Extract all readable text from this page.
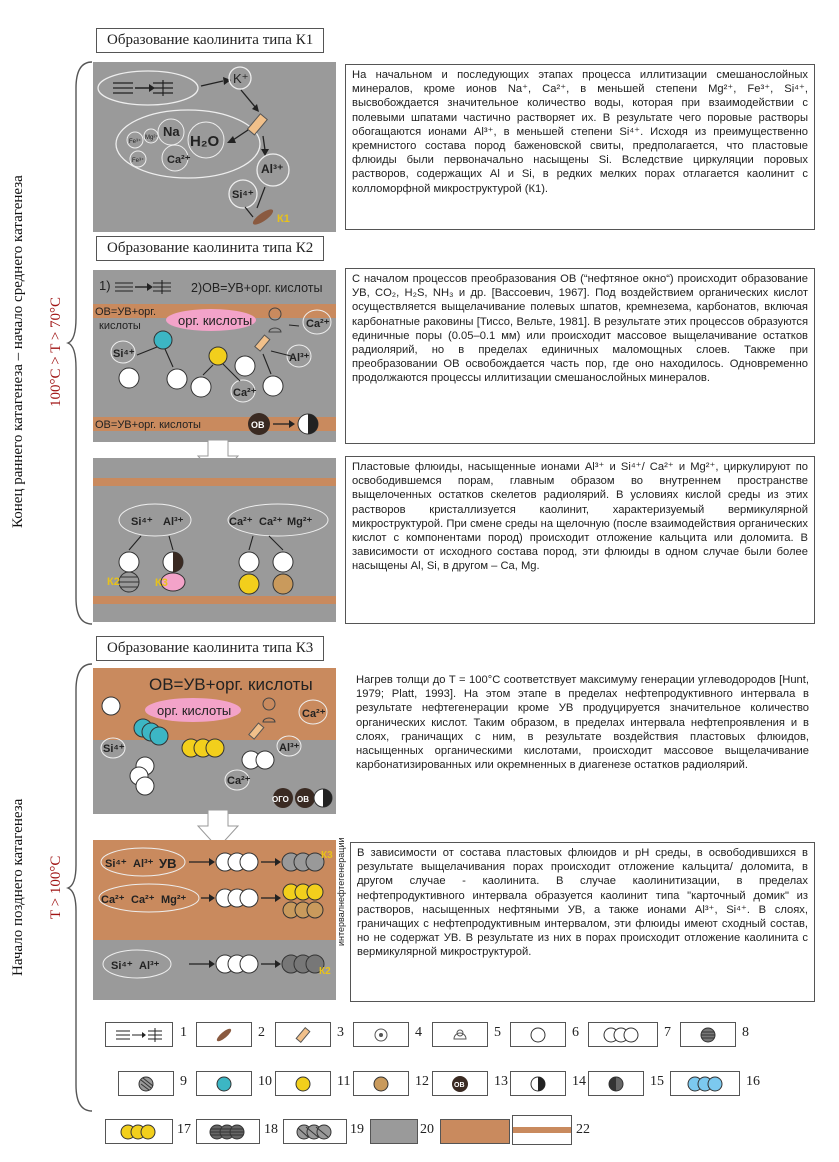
Конец раннего катагенеза – начало среднего катагенеза 100°C > T > 70°C
Начало позднего катагенеза T > 100°C
Образование каолинита типа К1
K⁺
Na
H₂O
Ca²⁺
Fe³⁺
Mg²⁺
Fe³⁺
Al³⁺
Si⁴⁺
К1
На начальном и последующих этапах процесса иллитизации смешанослойных минералов, кроме ионов Na⁺, Ca²⁺, в меньшей степени Mg²⁺, Fe³⁺, Si⁴⁺, высвобождается значительное количество воды, которая при взаимодействии с полевыми шпатами частично растворяет их. В результате чего поровые растворы обогащаются ионами Al³⁺, в меньшей степени Si⁴⁺. Исходя из преимущественно кремнистого состава пород баженовской свиты, предполагается, что пластовые флюиды были первоначально насыщены Si. Вследствие циркуляции поровых растворов, содержащих Al и Si, в редких мелких порах отлагается каолинит с колломорфной микроструктурой (К1).
Образование каолинита типа К2
1)	2)ОВ=УВ+орг. кислоты
ОВ=УВ+орг.
кислоты	орг. кислоты	Ca²⁺
Si⁴⁺	Al³⁺
Ca²⁺
ОВ=УВ+орг. кислоты	ОВ
Si⁴⁺ Al³⁺	Ca²⁺ Ca²⁺ Mg²⁺
К2	К3
С началом процессов преобразования ОВ (“нефтяное окно“) происходит образование УВ, CO₂, H₂S, NH₃ и др. [Вассоевич, 1967]. Под воздействием органических кислот осуществляется выщелачивание полевых шпатов, кремнезема, карбонатов, включая карбонатные раковины [Тиссо, Вельте, 1981]. В результате этих процессов образуются единичные поры (0.05–0.1 мм) или происходит массовое выщелачивание остатков радиолярий, но в пределах единичных маломощных слоев. Также при преобразовании ОВ освобождается часть пор, где оно находилось. Одновременно продолжаются процессы иллитизации смешанослойных минералов.
Пластовые флюиды, насыщенные ионами Al³⁺ и Si⁴⁺/ Ca²⁺ и Mg²⁺, циркулируют по освободившемся порам, главным образом во внутреннем пространстве выщелоченных остатков скелетов радиолярий. В условиях кислой среды из этих растворов кристаллизуется каолинит, характеризуемый вермикулярной микроструктурой. При смене среды на щелочную (после взаимодействия органических кислот с компонентами пород) происходит отложение кальцита или доломита. В зависимости от исходного состава пород, эти флюиды в одном случае были более насыщены Al, Si, в другом – Ca, Mg.
Образование каолинита типа К3
ОВ=УВ+орг. кислоты
орг. кислоты	Ca²⁺
Si⁴⁺	Al³⁺
Ca²⁺
ОГО ОВ
Si⁴⁺ Al³⁺ УВ
К3
Ca²⁺ Ca²⁺ Mg²⁺
Si⁴⁺ Al³⁺	К2
интервал
нефтегенерации
Нагрев толщи до T = 100°C соответствует максимуму генерации углеводородов [Hunt, 1979; Platt, 1993]. На этом этапе в пределах нефтепродуктивного интервала в результате нефтегенерации кроме УВ продуцируется значительное количество органических кислот. Таким образом, в пределах интервала нефтепроявления и в слоях, граничащих с ним, в результате воздействия пластовых флюидов, насыщенных органическими кислотами, происходит массовое выщелачивание карбонатизированных или окремненных в диагенезе остатков радиолярий.
В зависимости от состава пластовых флюидов и рН среды, в освободившихся в результате выщелачивания порах происходит отложение кальцита/ доломита, в другом случае - каолинита. В случае каолинитизации, в пределах нефтепродуктивного интервала образуется каолинит типа "карточный домик" из растворов, насыщенных нефтяными УВ, а также ионами Al³⁺, Si⁴⁺. В слоях, граничащих с нефтепродуктивным интервалом, эти флюиды имеют сходный состав, но не содержат УВ. В результате из них в порах происходит отложение каолинита с вермикулярной микроструктурой.
1	2	3	4	5	6	7	8
9	10	11	12	ОВ 13	14	15	16
17	18	19	20	22
